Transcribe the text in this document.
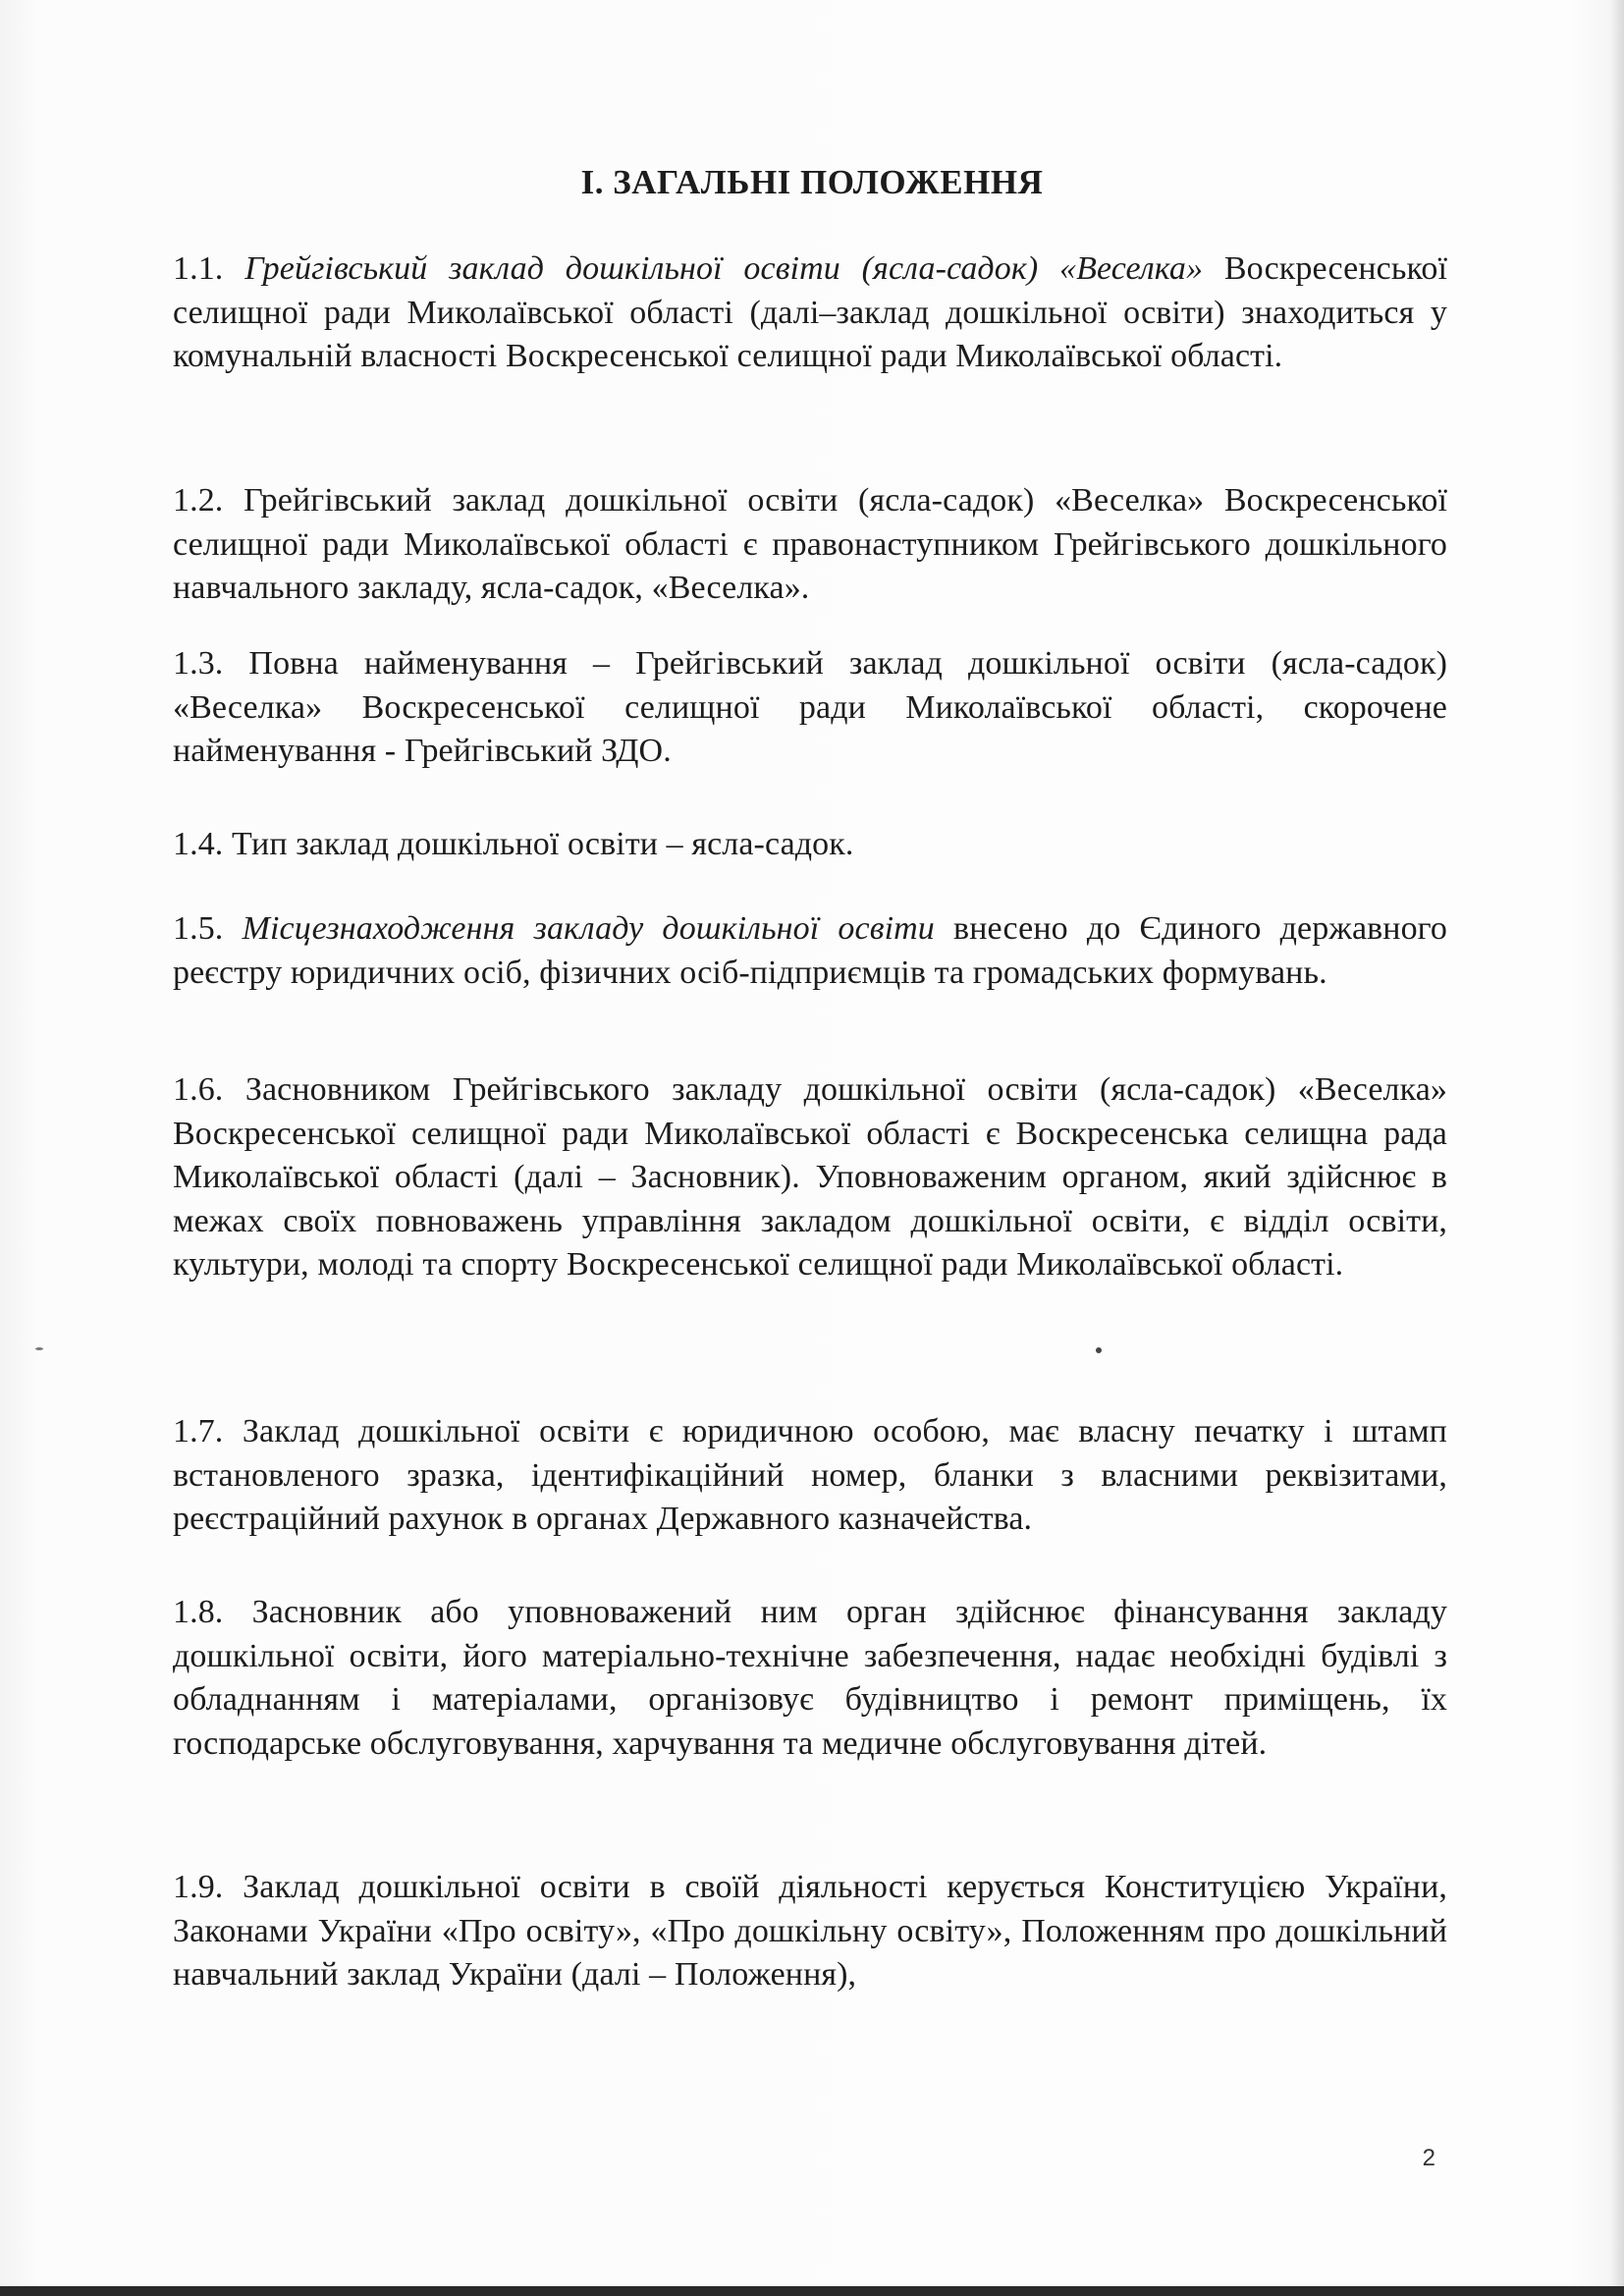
I. ЗАГАЛЬНІ ПОЛОЖЕННЯ

1.1. Грейгівський заклад дошкільної освіти (ясла-садок) «Веселка» Воскресенської селищної ради Миколаївської області (далі–заклад дошкільної освіти) знаходиться у комунальній власності Воскресенської селищної ради Миколаївської області.

1.2. Грейгівський заклад дошкільної освіти (ясла-садок) «Веселка» Воскресенської селищної ради Миколаївської області є правонаступником Грейгівського дошкільного навчального закладу, ясла-садок, «Веселка».

1.3. Повна найменування – Грейгівський заклад дошкільної освіти (ясла-садок) «Веселка» Воскресенської селищної ради Миколаївської області, скорочене найменування - Грейгівський ЗДО.

1.4. Тип заклад дошкільної освіти – ясла-садок.

1.5. Місцезнаходження закладу дошкільної освіти внесено до Єдиного державного реєстру юридичних осіб, фізичних осіб-підприємців та громадських формувань.

1.6. Засновником Грейгівського закладу дошкільної освіти (ясла-садок) «Веселка» Воскресенської селищної ради Миколаївської області є Воскресенська селищна рада Миколаївської області (далі – Засновник). Уповноваженим органом, який здійснює в межах своїх повноважень управління закладом дошкільної освіти, є відділ освіти, культури, молоді та спорту Воскресенської селищної ради Миколаївської області.

1.7. Заклад дошкільної освіти є юридичною особою, має власну печатку і штамп встановленого зразка, ідентифікаційний номер, бланки з власними реквізитами, реєстраційний рахунок в органах Державного казначейства.

1.8. Засновник або уповноважений ним орган здійснює фінансування закладу дошкільної освіти, його матеріально-технічне забезпечення, надає необхідні будівлі з обладнанням і матеріалами, організовує будівництво і ремонт приміщень, їх господарське обслуговування, харчування та медичне обслуговування дітей.

1.9. Заклад дошкільної освіти в своїй діяльності керується Конституцією України, Законами України «Про освіту», «Про дошкільну освіту», Положенням про дошкільний навчальний заклад України (далі – Положення),

2
